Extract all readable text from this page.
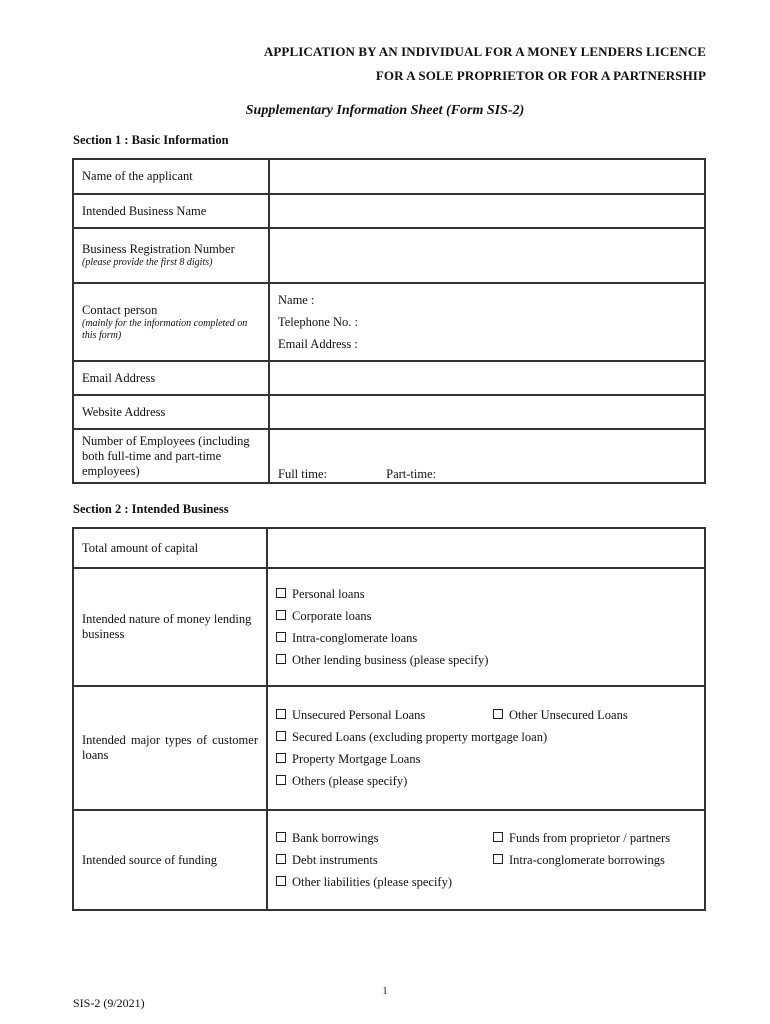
APPLICATION BY AN INDIVIDUAL FOR A MONEY LENDERS LICENCE
FOR A SOLE PROPRIETOR OR FOR A PARTNERSHIP
Supplementary Information Sheet (Form SIS-2)
Section 1 : Basic Information
Name of the applicant	
Intended Business Name	
Business Registration Number
(please provide the first 8 digits)	

Contact person
(mainly for the information completed on this form)	Name :
Telephone No. :
Email Address :

Email Address	
Website Address	
Number of Employees (including both full-time and part-time employees)	Full time: Part-time:
Section 2 : Intended Business
Total amount of capital	
Intended nature of money lending business	Personal loans
Corporate loans
Intra-conglomerate loans
Other lending business (please specify)

Intended major types of customer loans	Unsecured Personal Loans Other Unsecured Loans
Secured Loans (excluding property mortgage loan)
Property Mortgage Loans
Others (please specify)

Intended source of funding	Bank borrowings Funds from proprietor / partners
Debt instruments Intra-conglomerate borrowings
Other liabilities (please specify)
1
SIS-2 (9/2021)
